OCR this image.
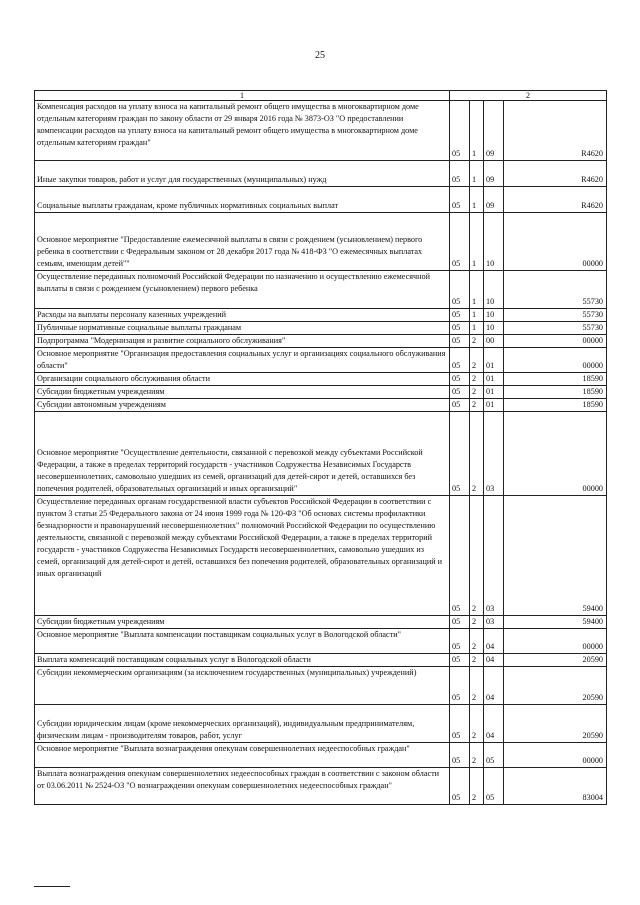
25
1	2			
Компенсация расходов на уплату взноса на капитальный ремонт общего имущества в многоквартирном доме отдельным категориям граждан по закону области от 29 января 2016 года № 3873-ОЗ "О предоставлении компенсации расходов на уплату взноса на капитальный ремонт общего имущества в многоквартирном доме отдельным категориям граждан"	05	1	09	R4620
Иные закупки товаров, работ и услуг для государственных (муниципальных) нужд	05	1	09	R4620
Социальные выплаты гражданам, кроме публичных нормативных социальных выплат	05	1	09	R4620
Основное мероприятие "Предоставление ежемесячной выплаты в связи с рождением (усыновлением) первого ребенка в соответствии с Федеральным законом от 28 декабря 2017 года № 418-ФЗ "О ежемесячных выплатах семьям, имеющим детей""	05	1	10	00000
Осуществление переданных полномочий Российской Федерации по назначению и осуществлению ежемесячной выплаты в связи с рождением (усыновлением) первого ребенка	05	1	10	55730
Расходы на выплаты персоналу казенных учреждений	05	1	10	55730
Публичные нормативные социальные выплаты гражданам	05	1	10	55730
Подпрограмма "Модернизация и развитие социального обслуживания"	05	2	00	00000
Основное мероприятие "Организация предоставления социальных услуг и организациях социального обслуживания области"	05	2	01	00000
Организации социального обслуживания области	05	2	01	18590
Субсидии бюджетным учреждениям	05	2	01	18590
Субсидии автономным учреждениям	05	2	01	18590
Основное мероприятие "Осуществление деятельности, связанной с перевозкой между субъектами Российской Федерации, а также в пределах территорий государств - участников Содружества Независимых Государств несовершеннолетних, самовольно ушедших из семей, организаций для детей-сирот и детей, оставшихся без попечения родителей, образовательных организаций и иных организаций"	05	2	03	00000
Осуществление переданных органам государственной власти субъектов Российской Федерации в соответствии с пунктом 3 статьи 25 Федерального закона от 24 июня 1999 года № 120-ФЗ "Об основах системы профилактики безнадзорности и правонарушений несовершеннолетних" полномочий Российской Федерации по осуществлению деятельности, связанной с перевозкой между субъектами Российской Федерации, а также в пределах территорий государств - участников Содружества Независимых Государств несовершеннолетних, самовольно ушедших из семей, организаций для детей-сирот и детей, оставшихся без попечения родителей, образовательных организаций и иных организаций	05	2	03	59400
Субсидии бюджетным учреждениям	05	2	03	59400
Основное мероприятие "Выплата компенсации поставщикам социальных услуг в Вологодской области"	05	2	04	00000
Выплата компенсаций поставщикам социальных услуг в Вологодской области	05	2	04	20590
Субсидии некоммерческим организациям (за исключением государственных (муниципальных) учреждений)	05	2	04	20590
Субсидии юридическим лицам (кроме некоммерческих организаций), индивидуальным предпринимателям, физическим лицам - производителям товаров, работ, услуг	05	2	04	20590
Основное мероприятие "Выплата вознаграждения опекунам совершеннолетних недееспособных граждан"	05	2	05	00000
Выплата вознаграждения опекунам совершеннолетних недееспособных граждан в соответствии с законом области от 03.06.2011 № 2524-ОЗ "О вознаграждении опекунам совершеннолетних недееспособных граждан"	05	2	05	83004
